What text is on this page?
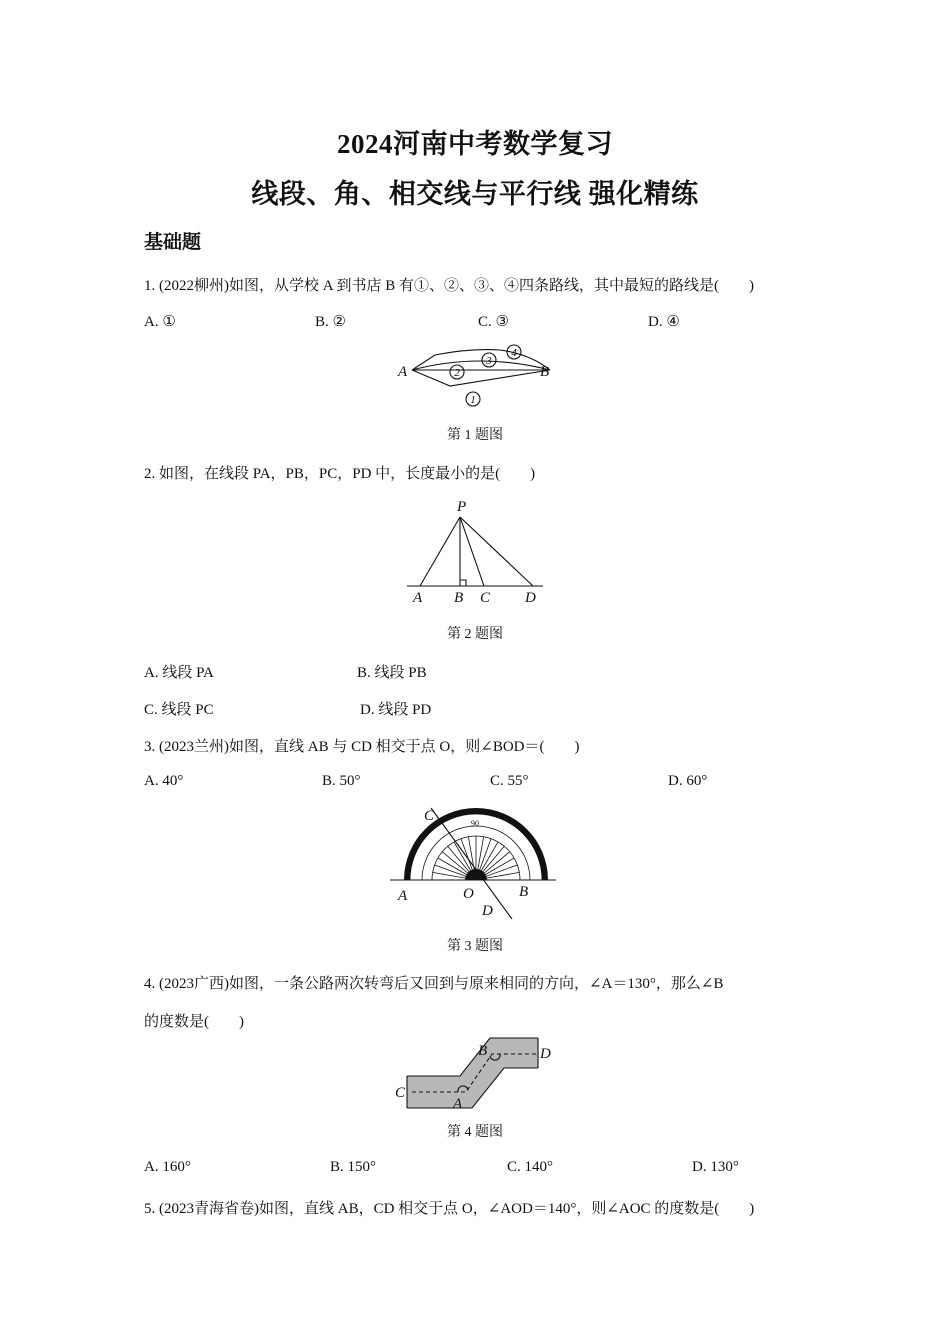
2024河南中考数学复习
线段、角、相交线与平行线 强化精练
基础题
1. (2022柳州)如图，从学校 A 到书店 B 有①、②、③、④四条路线，其中最短的路线是(　　)
A. ①	B. ②	C. ③	D. ④
2
3
4
1
A	B
第 1 题图
2. 如图，在线段 PA，PB，PC，PD 中，长度最小的是(　　)
P
A B C D
第 2 题图
A. 线段 PA	B. 线段 PB
C. 线段 PC	D. 线段 PD
3. (2023兰州)如图，直线 AB 与 CD 相交于点 O，则∠BOD＝(　　)
A. 40°	B. 50°	C. 55°	D. 60°
90
C
A	O	B
D
第 3 题图
4. (2023广西)如图，一条公路两次转弯后又回到与原来相同的方向，∠A＝130°，那么∠B
的度数是(　　)
C
A
B	D
第 4 题图
A. 160°	B. 150°	C. 140°	D. 130°
5. (2023青海省卷)如图，直线 AB，CD 相交于点 O，∠AOD＝140°，则∠AOC 的度数是(　　)
